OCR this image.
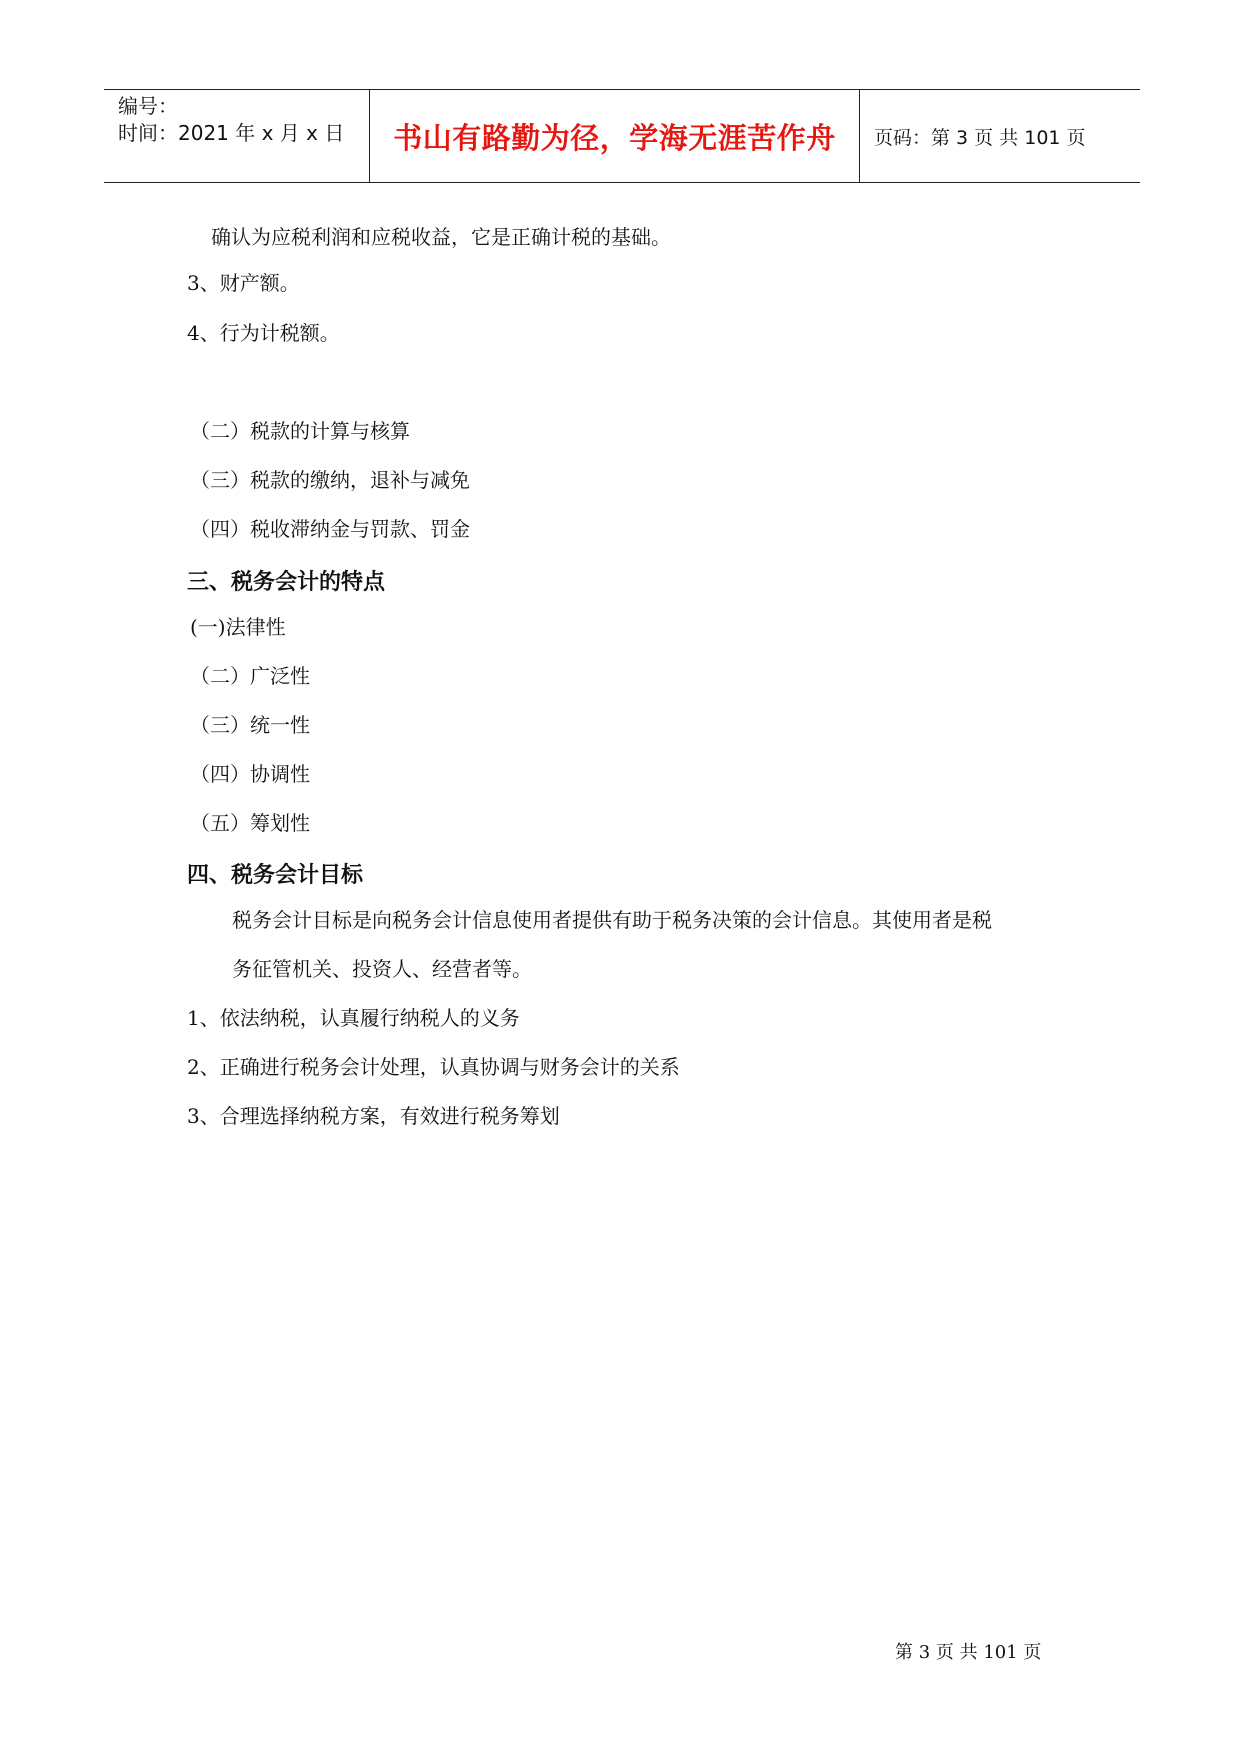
编号：
时间：2021 年 x 月 x 日	书山有路勤为径，学海无涯苦作舟	页码：第 3 页 共 101 页
确认为应税利润和应税收益，它是正确计税的基础。
3、财产额。
4、行为计税额。
（二）税款的计算与核算
（三）税款的缴纳，退补与减免
（四）税收滞纳金与罚款、罚金
三、税务会计的特点
(一)法律性
（二）广泛性
（三）统一性
（四）协调性
（五）筹划性
四、税务会计目标
税务会计目标是向税务会计信息使用者提供有助于税务决策的会计信息。其使用者是税
务征管机关、投资人、经营者等。
1、依法纳税，认真履行纳税人的义务
2、正确进行税务会计处理，认真协调与财务会计的关系
3、合理选择纳税方案，有效进行税务筹划
第 3 页 共 101 页
